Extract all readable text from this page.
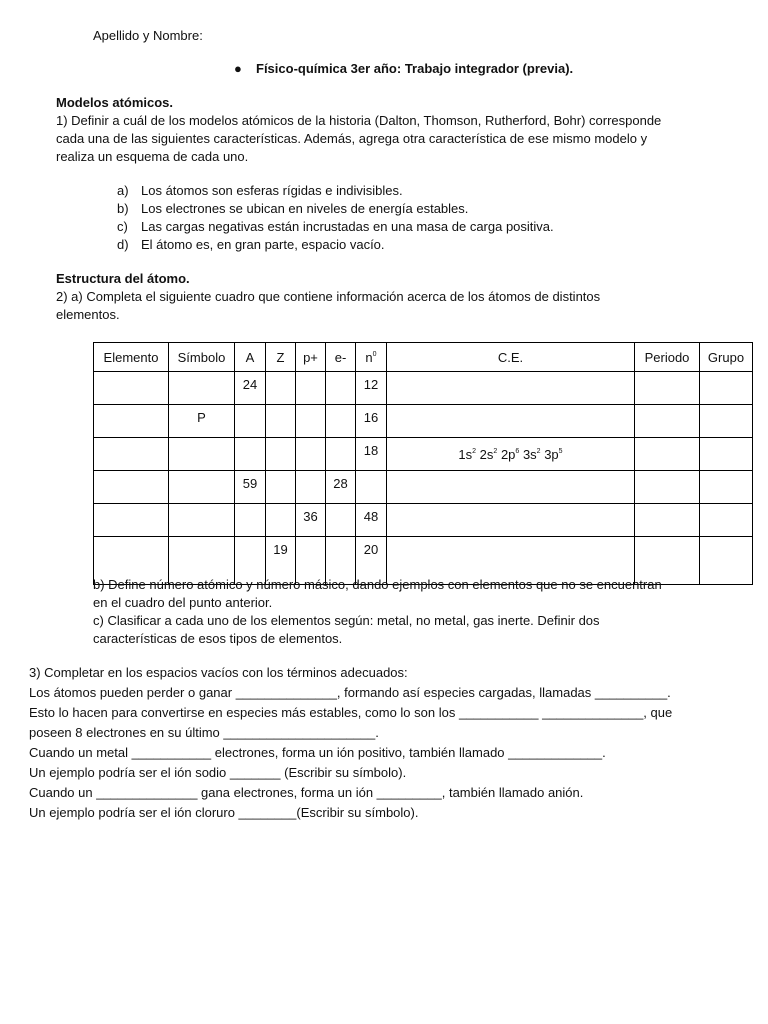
Apellido y Nombre:
● Físico-química 3er año: Trabajo integrador (previa).
Modelos atómicos.
1) Definir a cuál de los modelos atómicos de la historia (Dalton, Thomson, Rutherford, Bohr) corresponde
cada una de las siguientes características. Además, agrega otra característica de ese mismo modelo y
realiza un esquema de cada uno.
a) Los átomos son esferas rígidas e indivisibles.
b) Los electrones se ubican en niveles de energía estables.
c) Las cargas negativas están incrustadas en una masa de carga positiva.
d) El átomo es, en gran parte, espacio vacío.
Estructura del átomo.
2) a) Completa el siguiente cuadro que contiene información acerca de los átomos de distintos
elementos.
Elemento	Símbolo	A	Z	p+	e-	$n^0$	C.E.	Periodo	Grupo
		24				12			
	P					16			
						18	$1s^2$ $2s^2$ $2p^6$ $3s^2$ $3p^5$		
		59			28				
				36		48			
			19			20			
b) Define número atómico y número másico, dando ejemplos con elementos que no se encuentran
en el cuadro del punto anterior.
c) Clasificar a cada uno de los elementos según: metal, no metal, gas inerte. Definir dos
características de esos tipos de elementos.
3) Completar en los espacios vacíos con los términos adecuados:
Los átomos pueden perder o ganar ______________, formando así especies cargadas, llamadas __________.
Esto lo hacen para convertirse en especies más estables, como lo son los ___________ ______________, que
poseen 8 electrones en su último _____________________.
Cuando un metal ___________ electrones, forma un ión positivo, también llamado _____________.
Un ejemplo podría ser el ión sodio _______ (Escribir su símbolo).
Cuando un ______________ gana electrones, forma un ión _________, también llamado anión.
Un ejemplo podría ser el ión cloruro ________(Escribir su símbolo).
